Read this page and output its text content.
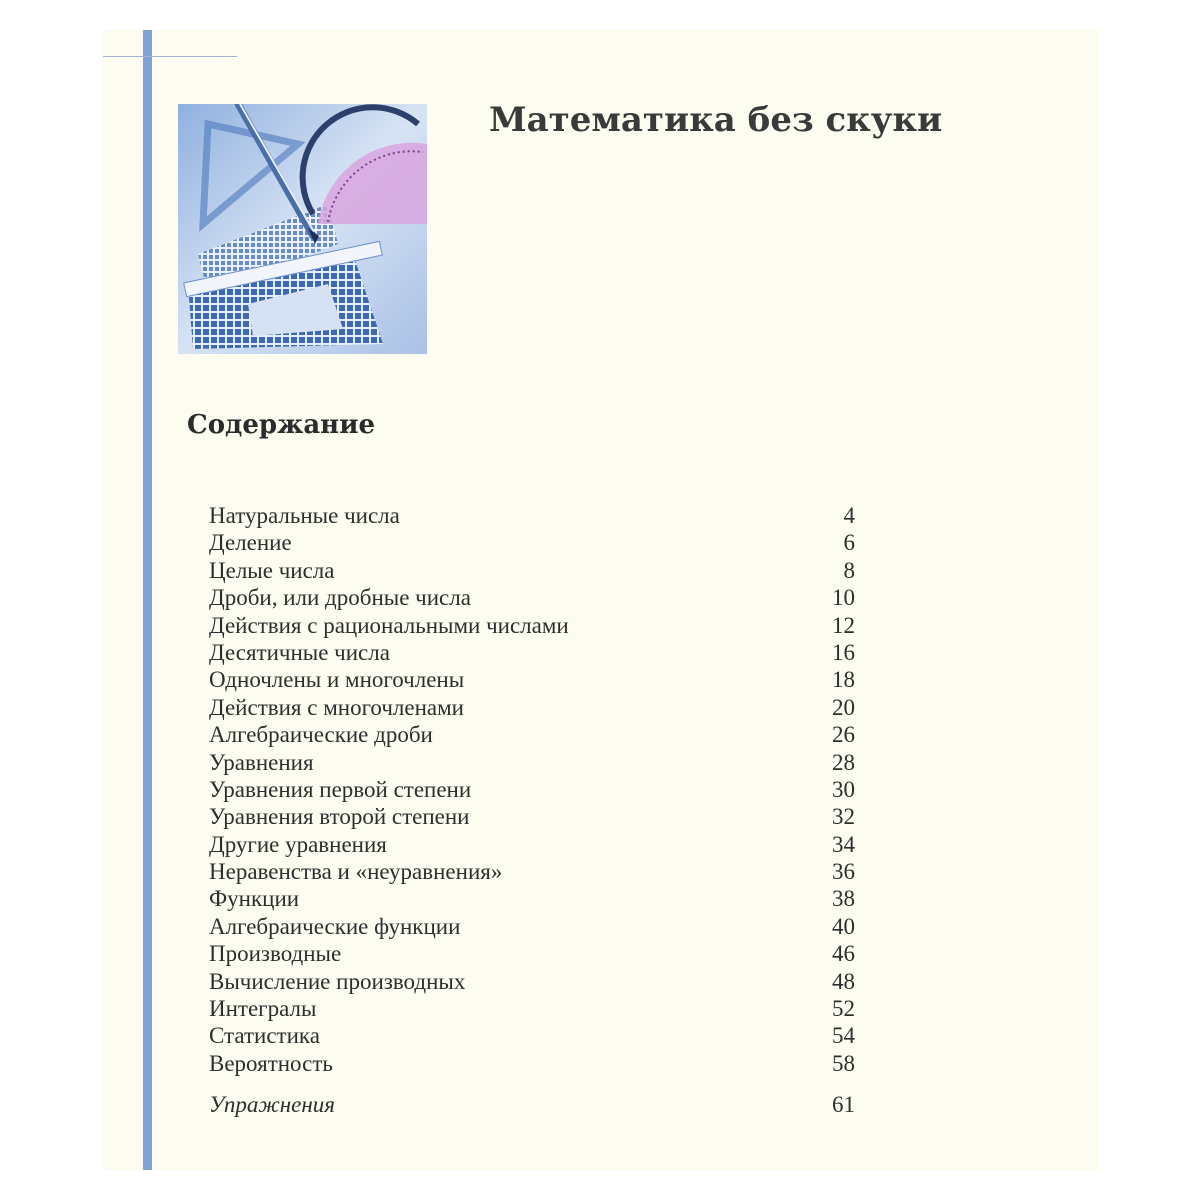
Математика без скуки
Содержание
Натуральные числа	4
Деление	6
Целые числа	8
Дроби, или дробные числа	10
Действия с рациональными числами	12
Десятичные числа	16
Одночлены и многочлены	18
Действия с многочленами	20
Алгебраические дроби	26
Уравнения	28
Уравнения первой степени	30
Уравнения второй степени	32
Другие уравнения	34
Неравенства и «неуравнения»	36
Функции	38
Алгебраические функции	40
Производные	46
Вычисление производных	48
Интегралы	52
Статистика	54
Вероятность	58
Упражнения	61
